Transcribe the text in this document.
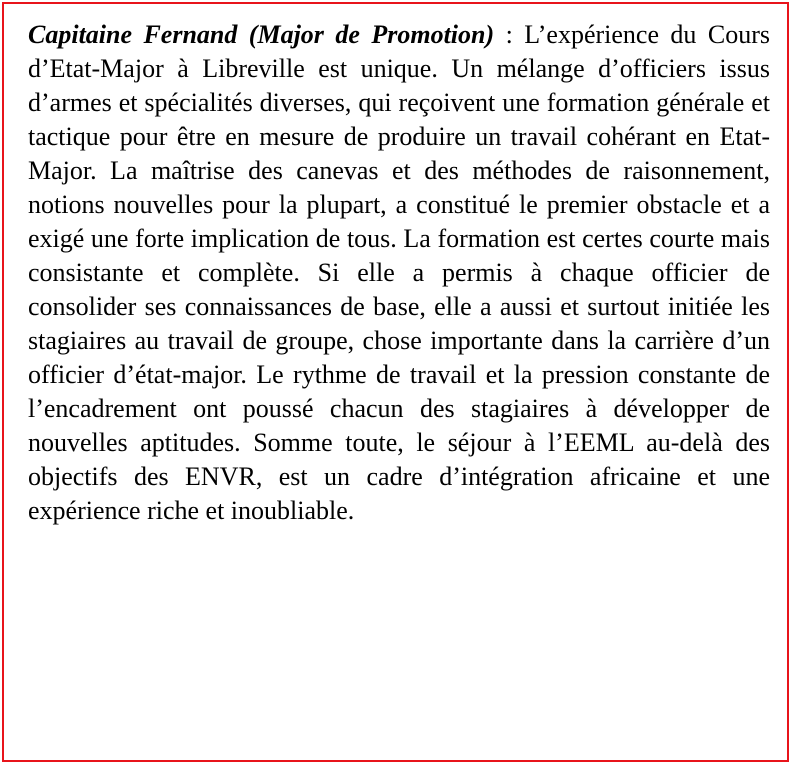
Capitaine Fernand (Major de Promotion) : L’expérience du Cours d’Etat-Major à Libreville est unique. Un mélange d’officiers issus d’armes et spécialités diverses, qui reçoivent une formation générale et tactique pour être en mesure de produire un travail cohérant en Etat-Major. La maîtrise des canevas et des méthodes de raisonnement, notions nouvelles pour la plupart, a constitué le premier obstacle et a exigé une forte implication de tous. La formation est certes courte mais consistante et complète. Si elle a permis à chaque officier de consolider ses connaissances de base, elle a aussi et surtout initiée les stagiaires au travail de groupe, chose importante dans la carrière d’un officier d’état-major. Le rythme de travail et la pression constante de l’encadrement ont poussé chacun des stagiaires à développer de nouvelles aptitudes. Somme toute, le séjour à l’EEML au-delà des objectifs des ENVR, est un cadre d’intégration africaine et une expérience riche et inoubliable.
